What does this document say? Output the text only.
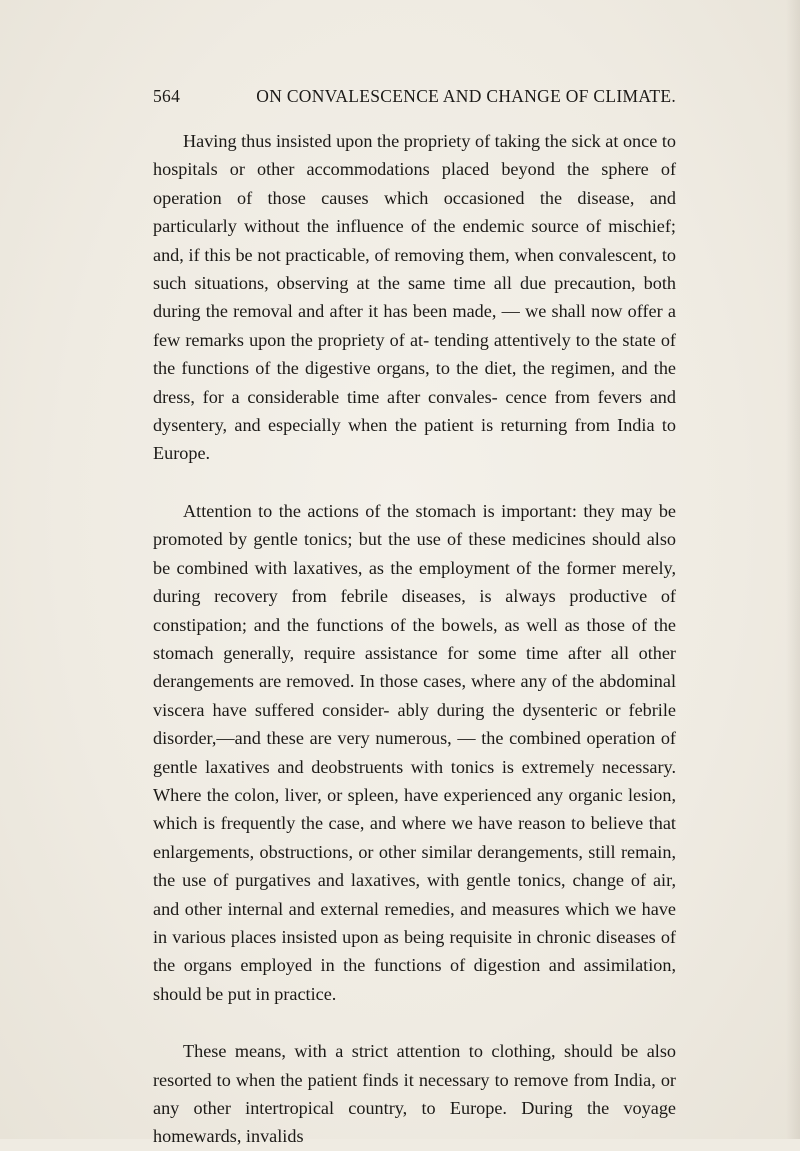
564	ON CONVALESCENCE AND CHANGE OF CLIMATE.

Having thus insisted upon the propriety of taking the sick at once to hospitals or other accommodations placed beyond the sphere of operation of those causes which occasioned the disease, and particularly without the influence of the endemic source of mischief; and, if this be not practicable, of removing them, when convalescent, to such situations, observing at the same time all due precaution, both during the removal and after it has been made, — we shall now offer a few remarks upon the propriety of at- tending attentively to the state of the functions of the digestive organs, to the diet, the regimen, and the dress, for a considerable time after convales- cence from fevers and dysentery, and especially when the patient is returning from India to Europe.

Attention to the actions of the stomach is important: they may be promoted by gentle tonics; but the use of these medicines should also be combined with laxatives, as the employment of the former merely, during recovery from febrile diseases, is always productive of constipation; and the functions of the bowels, as well as those of the stomach generally, require assistance for some time after all other derangements are removed. In those cases, where any of the abdominal viscera have suffered consider- ably during the dysenteric or febrile disorder,—and these are very numerous, — the combined operation of gentle laxatives and deobstruents with tonics is extremely necessary. Where the colon, liver, or spleen, have experienced any organic lesion, which is frequently the case, and where we have reason to believe that enlargements, obstructions, or other similar derangements, still remain, the use of purgatives and laxatives, with gentle tonics, change of air, and other internal and external remedies, and measures which we have in various places insisted upon as being requisite in chronic diseases of the organs employed in the functions of digestion and assimilation, should be put in practice.

These means, with a strict attention to clothing, should be also resorted to when the patient finds it necessary to remove from India, or any other intertropical country, to Europe. During the voyage homewards, invalids
